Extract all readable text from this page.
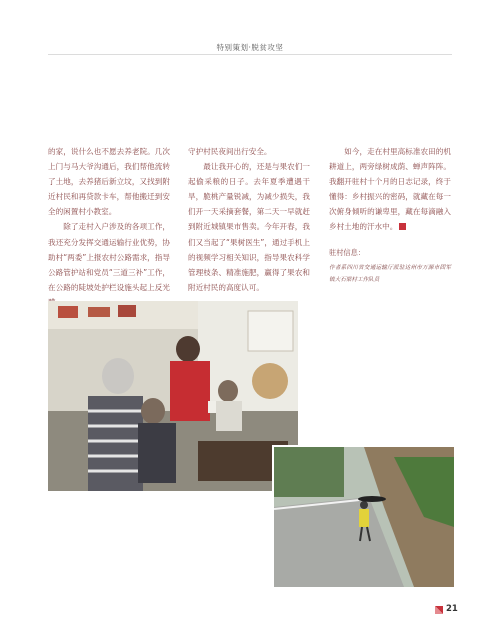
特别策划·脱贫攻坚

的家，说什么也不愿去养老院。几次上门与马大爷沟通后，我们帮他流转了土地，去养猪后新立坟，又找到附近村民和再贷款卡车，帮他搬迁到安全的闲置村小教室。

除了走村入户涉及的各项工作，我还充分发挥交通运输行业优势，协助村“两委”上报农村公路需求，指导公路管护站和党员“三道三补”工作，在公路的陡坡处护栏设施头起上反光

守护村民夜间出行安全。

最让我开心的，还是与果农们一起偷采粮的日子。去年夏季遭遇干旱，脆桃产量锐减，为减少损失，我们开一天采摘套餐，第二天一早就赶到附近城镇果市售卖。今年开春，我们又当起了“果树医生”，通过手机上的视频学习相关知识，指导果农科学管理枝条、精准施肥，赢得了果农和附近村民的高度认可。

如今，走在村里高标准农田的机耕道上，两旁绿树成荫、蝉声阵阵。我翻开驻村十个月的日志记录，终于懂得：乡村振兴的密码，就藏在每一次俯身倾听的谦卑里，藏在每滴融入乡村土地的汗水中。

驻村信息：
作者系四川省交通运输厅派驻达州市万源市固军镇大石梁村工作队员
21
